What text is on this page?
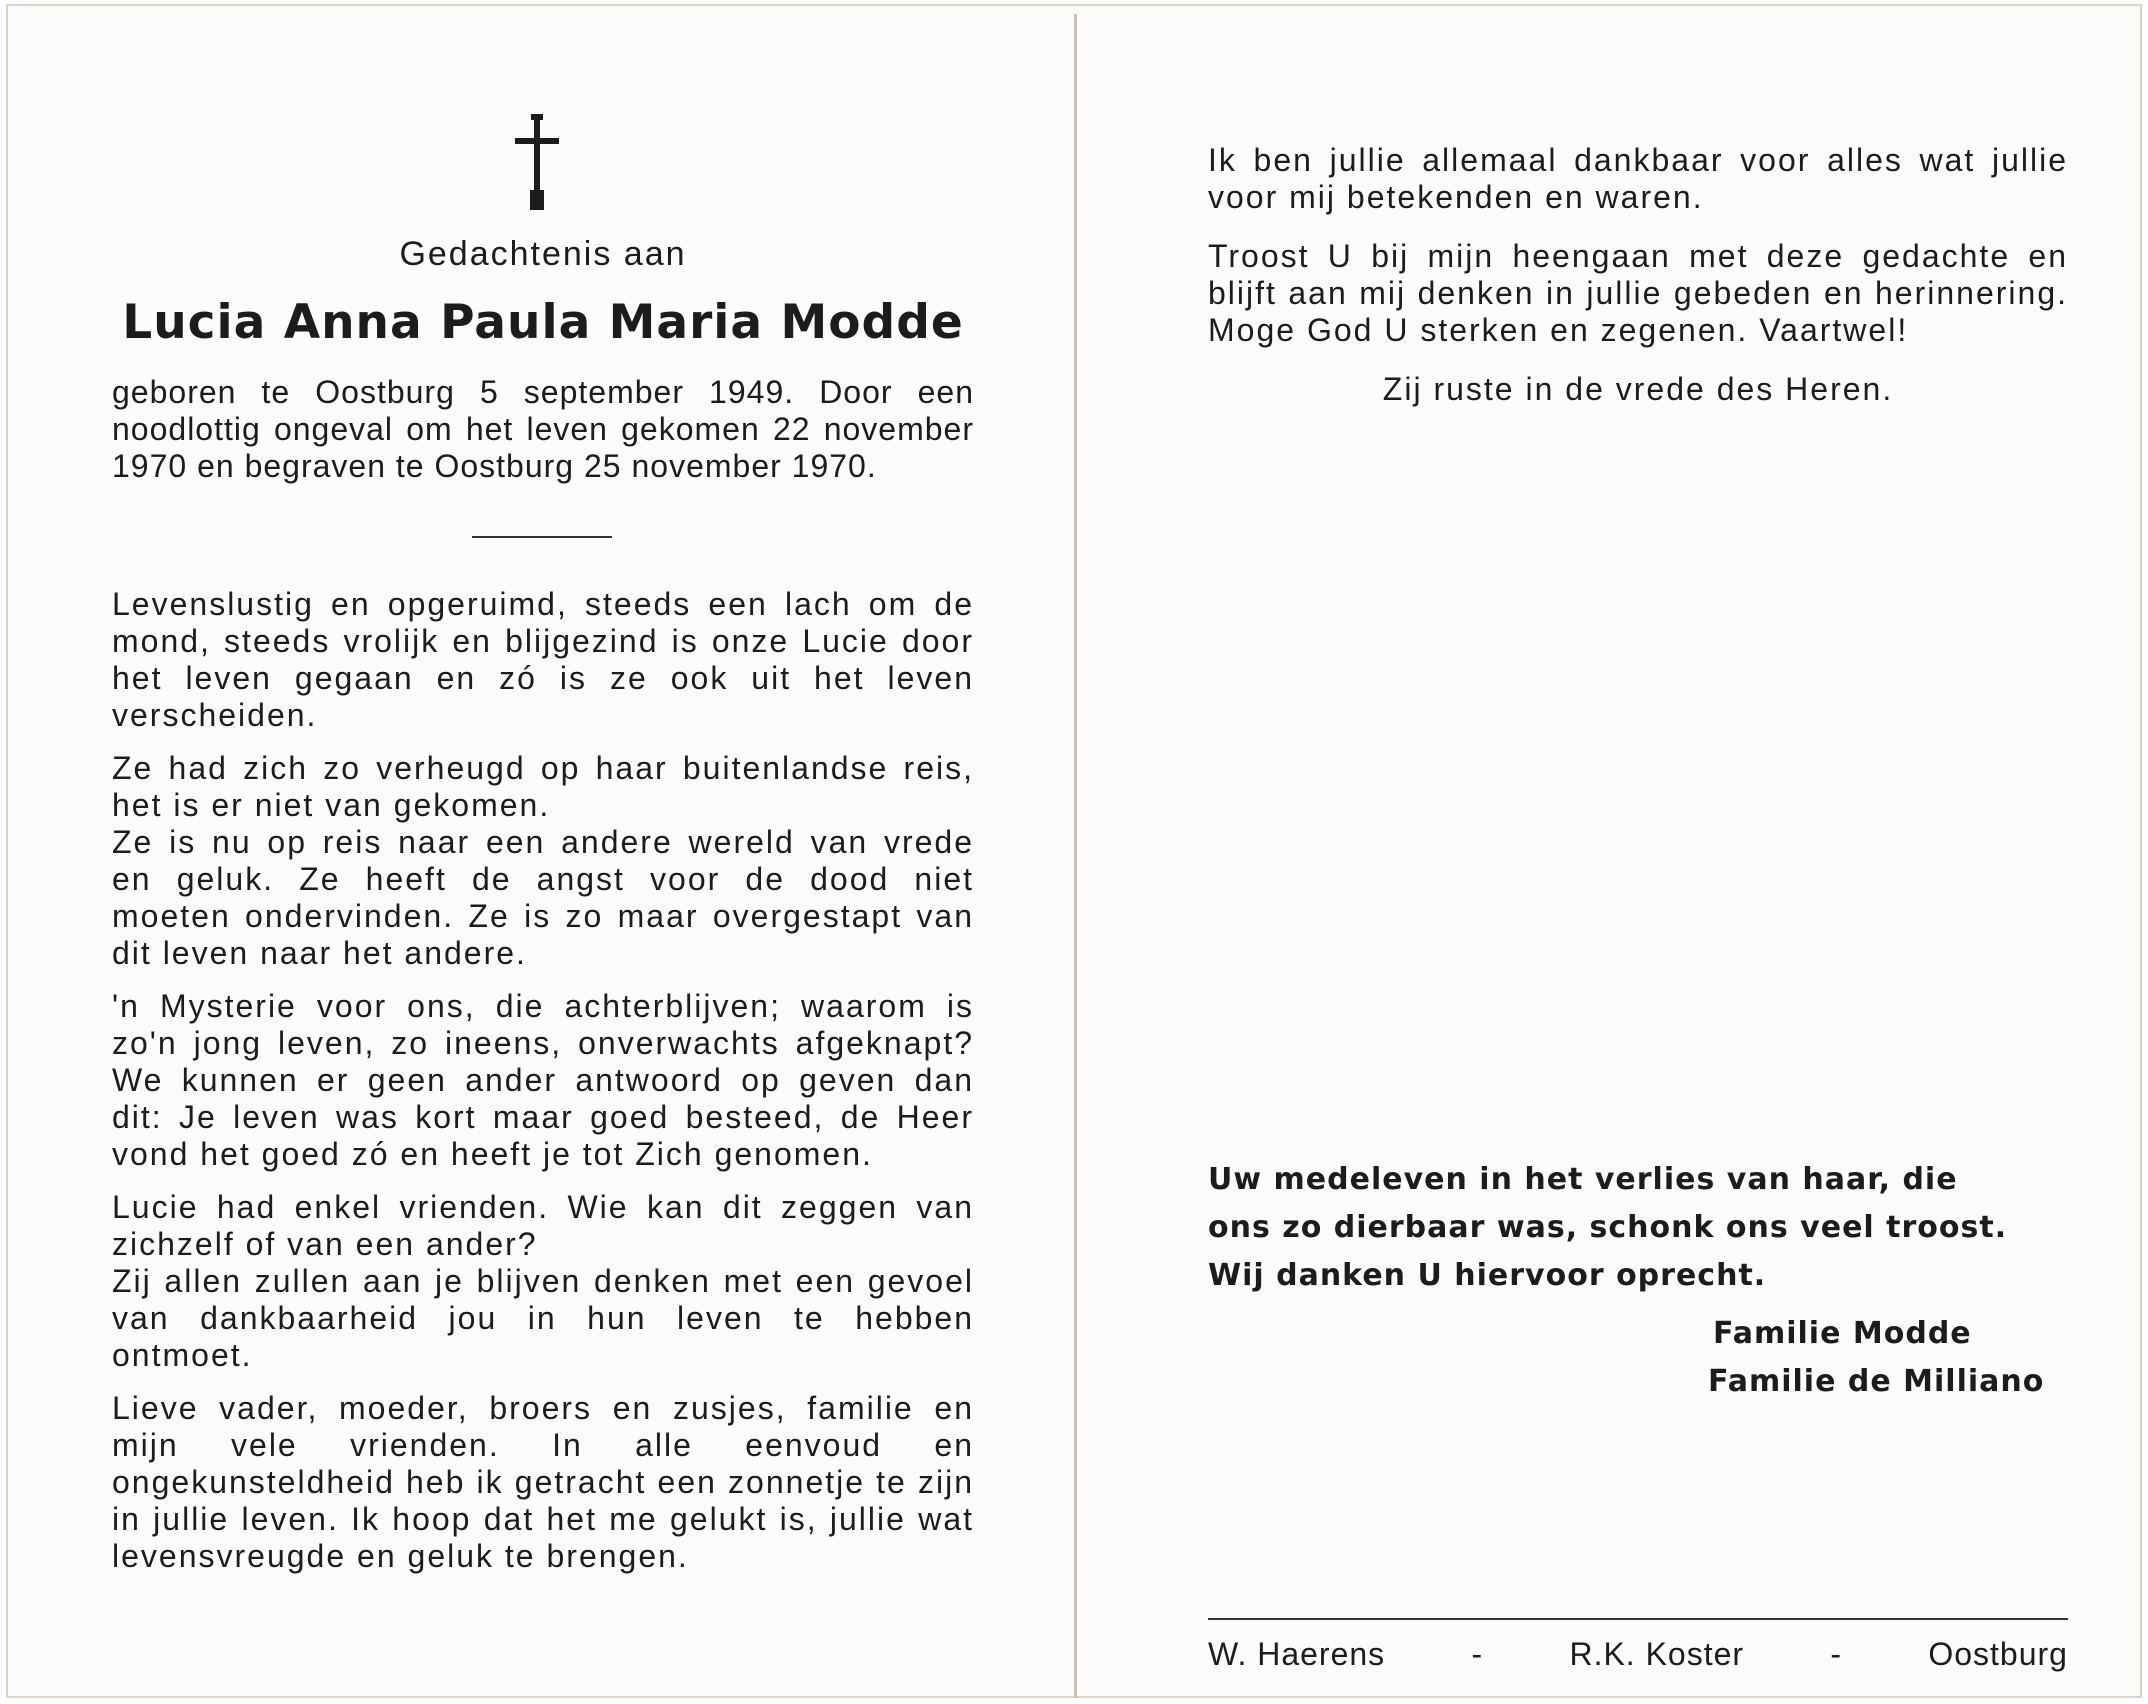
Gedachtenis aan
Lucia Anna Paula Maria Modde
geboren te Oostburg 5 september 1949. Door een noodlottig ongeval om het leven gekomen 22 november 1970 en begraven te Oostburg 25 november 1970.

Levenslustig en opgeruimd, steeds een lach om de mond, steeds vrolijk en blijgezind is onze Lucie door het leven gegaan en zó is ze ook uit het leven verscheiden.

Ze had zich zo verheugd op haar buitenlandse reis, het is er niet van gekomen.
Ze is nu op reis naar een andere wereld van vrede en geluk. Ze heeft de angst voor de dood niet moeten ondervinden. Ze is zo maar overgestapt van dit leven naar het andere.

'n Mysterie voor ons, die achterblijven; waarom is zo'n jong leven, zo ineens, onverwachts afgeknapt? We kunnen er geen ander antwoord op geven dan dit: Je leven was kort maar goed besteed, de Heer vond het goed zó en heeft je tot Zich genomen.

Lucie had enkel vrienden. Wie kan dit zeggen van zichzelf of van een ander?
Zij allen zullen aan je blijven denken met een gevoel van dankbaarheid jou in hun leven te hebben ontmoet.

Lieve vader, moeder, broers en zusjes, familie en mijn vele vrienden. In alle eenvoud en ongekunsteldheid heb ik getracht een zonnetje te zijn in jullie leven. Ik hoop dat het me gelukt is, jullie wat levensvreugde en geluk te brengen.

Ik ben jullie allemaal dankbaar voor alles wat jullie voor mij betekenden en waren.

Troost U bij mijn heengaan met deze gedachte en blijft aan mij denken in jullie gebeden en herinnering. Moge God U sterken en zegenen. Vaartwel!

Zij ruste in de vrede des Heren.

Uw medeleven in het verlies van haar, die
ons zo dierbaar was, schonk ons veel troost.
Wij danken U hiervoor oprecht.
Familie Modde
Familie de Milliano
W. Haerens	-	R.K. Koster	-	Oostburg
